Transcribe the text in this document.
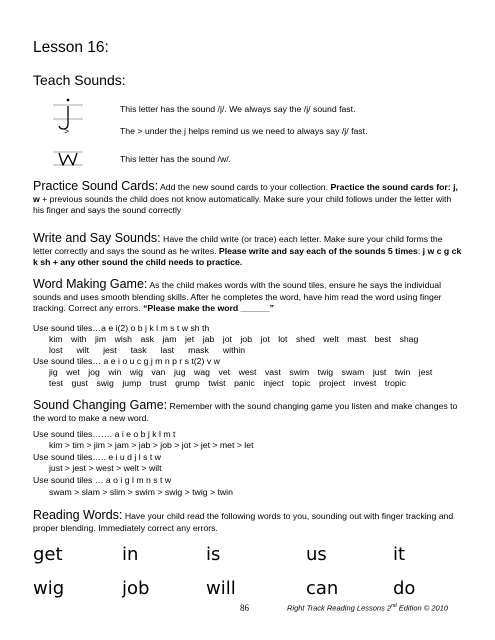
Lesson 16:
Teach Sounds:
This letter has the sound /j/. We always say the /j/ sound fast.
>	The > under the j helps remind us we need to always say /j/ fast.
This letter has the sound /w/.
Practice Sound Cards: Add the new sound cards to your collection. Practice the sound cards for: j, w + previous sounds the child does not know automatically. Make sure your child follows under the letter with his finger and says the sound correctly
Write and Say Sounds: Have the child write (or trace) each letter. Make sure your child forms the letter correctly and says the sound as he writes. Please write and say each of the sounds 5 times: j w c g ck k sh + any other sound the child needs to practice.
Word Making Game: As the child makes words with the sound tiles, ensure he says the individual sounds and uses smooth blending skills. After he completes the word, have him read the word using finger tracking. Correct any errors. “Please make the word ______”
Use sound tiles…a e i(2) o b j k l m s t w sh th
kim with jim wish ask jam jet jab jot job jot lot shed welt mast best shag
lost wilt jest task last mask within
Use sound tiles… a e i o u c g j m n p r s t(2) v w
jig wet jog win wig van jug wag vet west vast swim twig swam just twin jest
test gust swig jump trust grump twist panic inject topic project invest tropic
Sound Changing Game: Remember with the sound changing game you listen and make changes to the word to make a new word.
Use sound tiles……. a i e o b j k l m t
kim > tim > jim > jam > jab > job > jot > jet > met > let
Use sound tiles….. e i u d j l s t w
just > jest > west > welt > wilt
Use sound tiles … a o i g l m n s t w
swam > slam > slim > swim > swig > twig > twin
Reading Words: Have your child read the following words to you, sounding out with finger tracking and proper blending. Immediately correct any errors.
get	in	is	us	it
wig	job	will	can	do
86	Right Track Reading Lessons 2nd Edition © 2010
